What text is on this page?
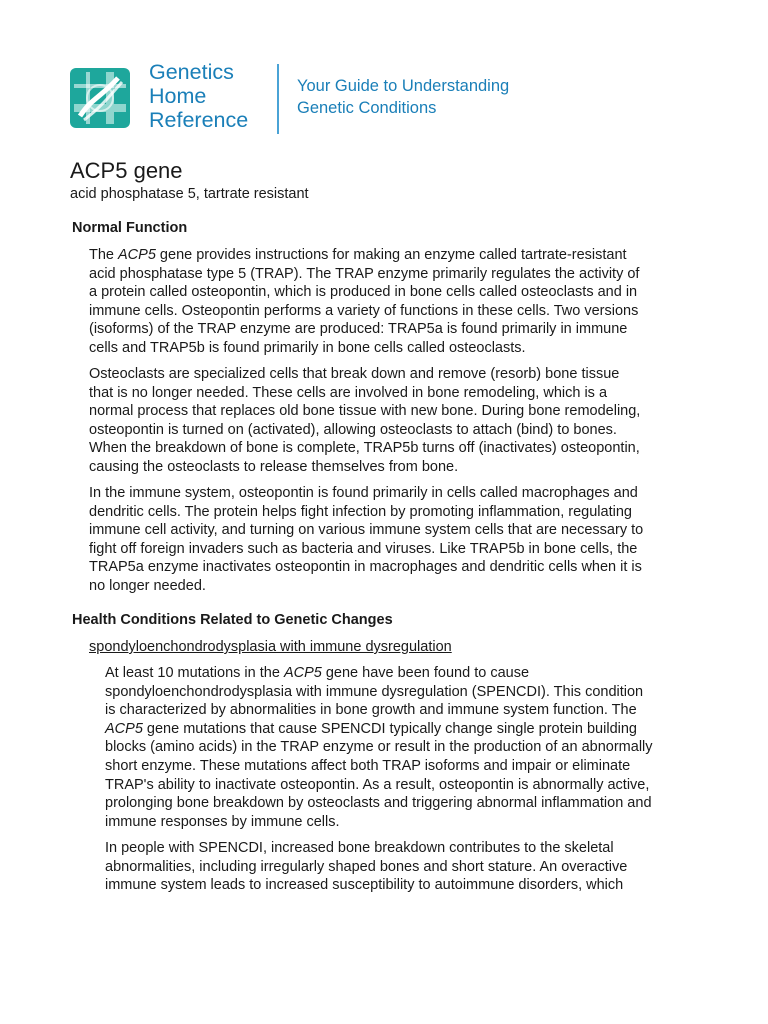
Genetics
Home
Reference
Your Guide to Understanding
Genetic Conditions
ACP5 gene
acid phosphatase 5, tartrate resistant
Normal Function
The ACP5 gene provides instructions for making an enzyme called tartrate-resistant
acid phosphatase type 5 (TRAP). The TRAP enzyme primarily regulates the activity of
a protein called osteopontin, which is produced in bone cells called osteoclasts and in
immune cells. Osteopontin performs a variety of functions in these cells. Two versions
(isoforms) of the TRAP enzyme are produced: TRAP5a is found primarily in immune
cells and TRAP5b is found primarily in bone cells called osteoclasts.
Osteoclasts are specialized cells that break down and remove (resorb) bone tissue
that is no longer needed. These cells are involved in bone remodeling, which is a
normal process that replaces old bone tissue with new bone. During bone remodeling,
osteopontin is turned on (activated), allowing osteoclasts to attach (bind) to bones.
When the breakdown of bone is complete, TRAP5b turns off (inactivates) osteopontin,
causing the osteoclasts to release themselves from bone.
In the immune system, osteopontin is found primarily in cells called macrophages and
dendritic cells. The protein helps fight infection by promoting inflammation, regulating
immune cell activity, and turning on various immune system cells that are necessary to
fight off foreign invaders such as bacteria and viruses. Like TRAP5b in bone cells, the
TRAP5a enzyme inactivates osteopontin in macrophages and dendritic cells when it is
no longer needed.
Health Conditions Related to Genetic Changes
spondyloenchondrodysplasia with immune dysregulation
At least 10 mutations in the ACP5 gene have been found to cause
spondyloenchondrodysplasia with immune dysregulation (SPENCDI). This condition
is characterized by abnormalities in bone growth and immune system function. The
ACP5 gene mutations that cause SPENCDI typically change single protein building
blocks (amino acids) in the TRAP enzyme or result in the production of an abnormally
short enzyme. These mutations affect both TRAP isoforms and impair or eliminate
TRAP's ability to inactivate osteopontin. As a result, osteopontin is abnormally active,
prolonging bone breakdown by osteoclasts and triggering abnormal inflammation and
immune responses by immune cells.
In people with SPENCDI, increased bone breakdown contributes to the skeletal
abnormalities, including irregularly shaped bones and short stature. An overactive
immune system leads to increased susceptibility to autoimmune disorders, which
